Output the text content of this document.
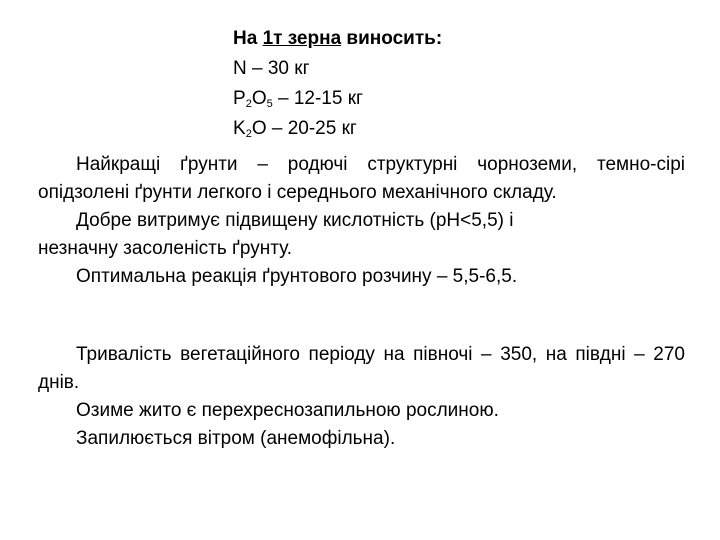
На 1т зерна виносить:
N – 30 кг
$P_2O_5 - 12-15$ кг
$K_2O - 20-25$ кг

Найкращі ґрунти – родючі структурні чорноземи, темно-сірі опідзолені ґрунти легкого і середнього механічного складу.

Добре витримує підвищену кислотність (рН<5,5) і
незначну засоленість ґрунту.

Оптимальна реакція ґрунтового розчину – 5,5-6,5.

Тривалість вегетаційного періоду на півночі – 350, на півдні – 270 днів.

Озиме жито є перехреснозапильною рослиною.

Запилюється вітром (анемофільна).
